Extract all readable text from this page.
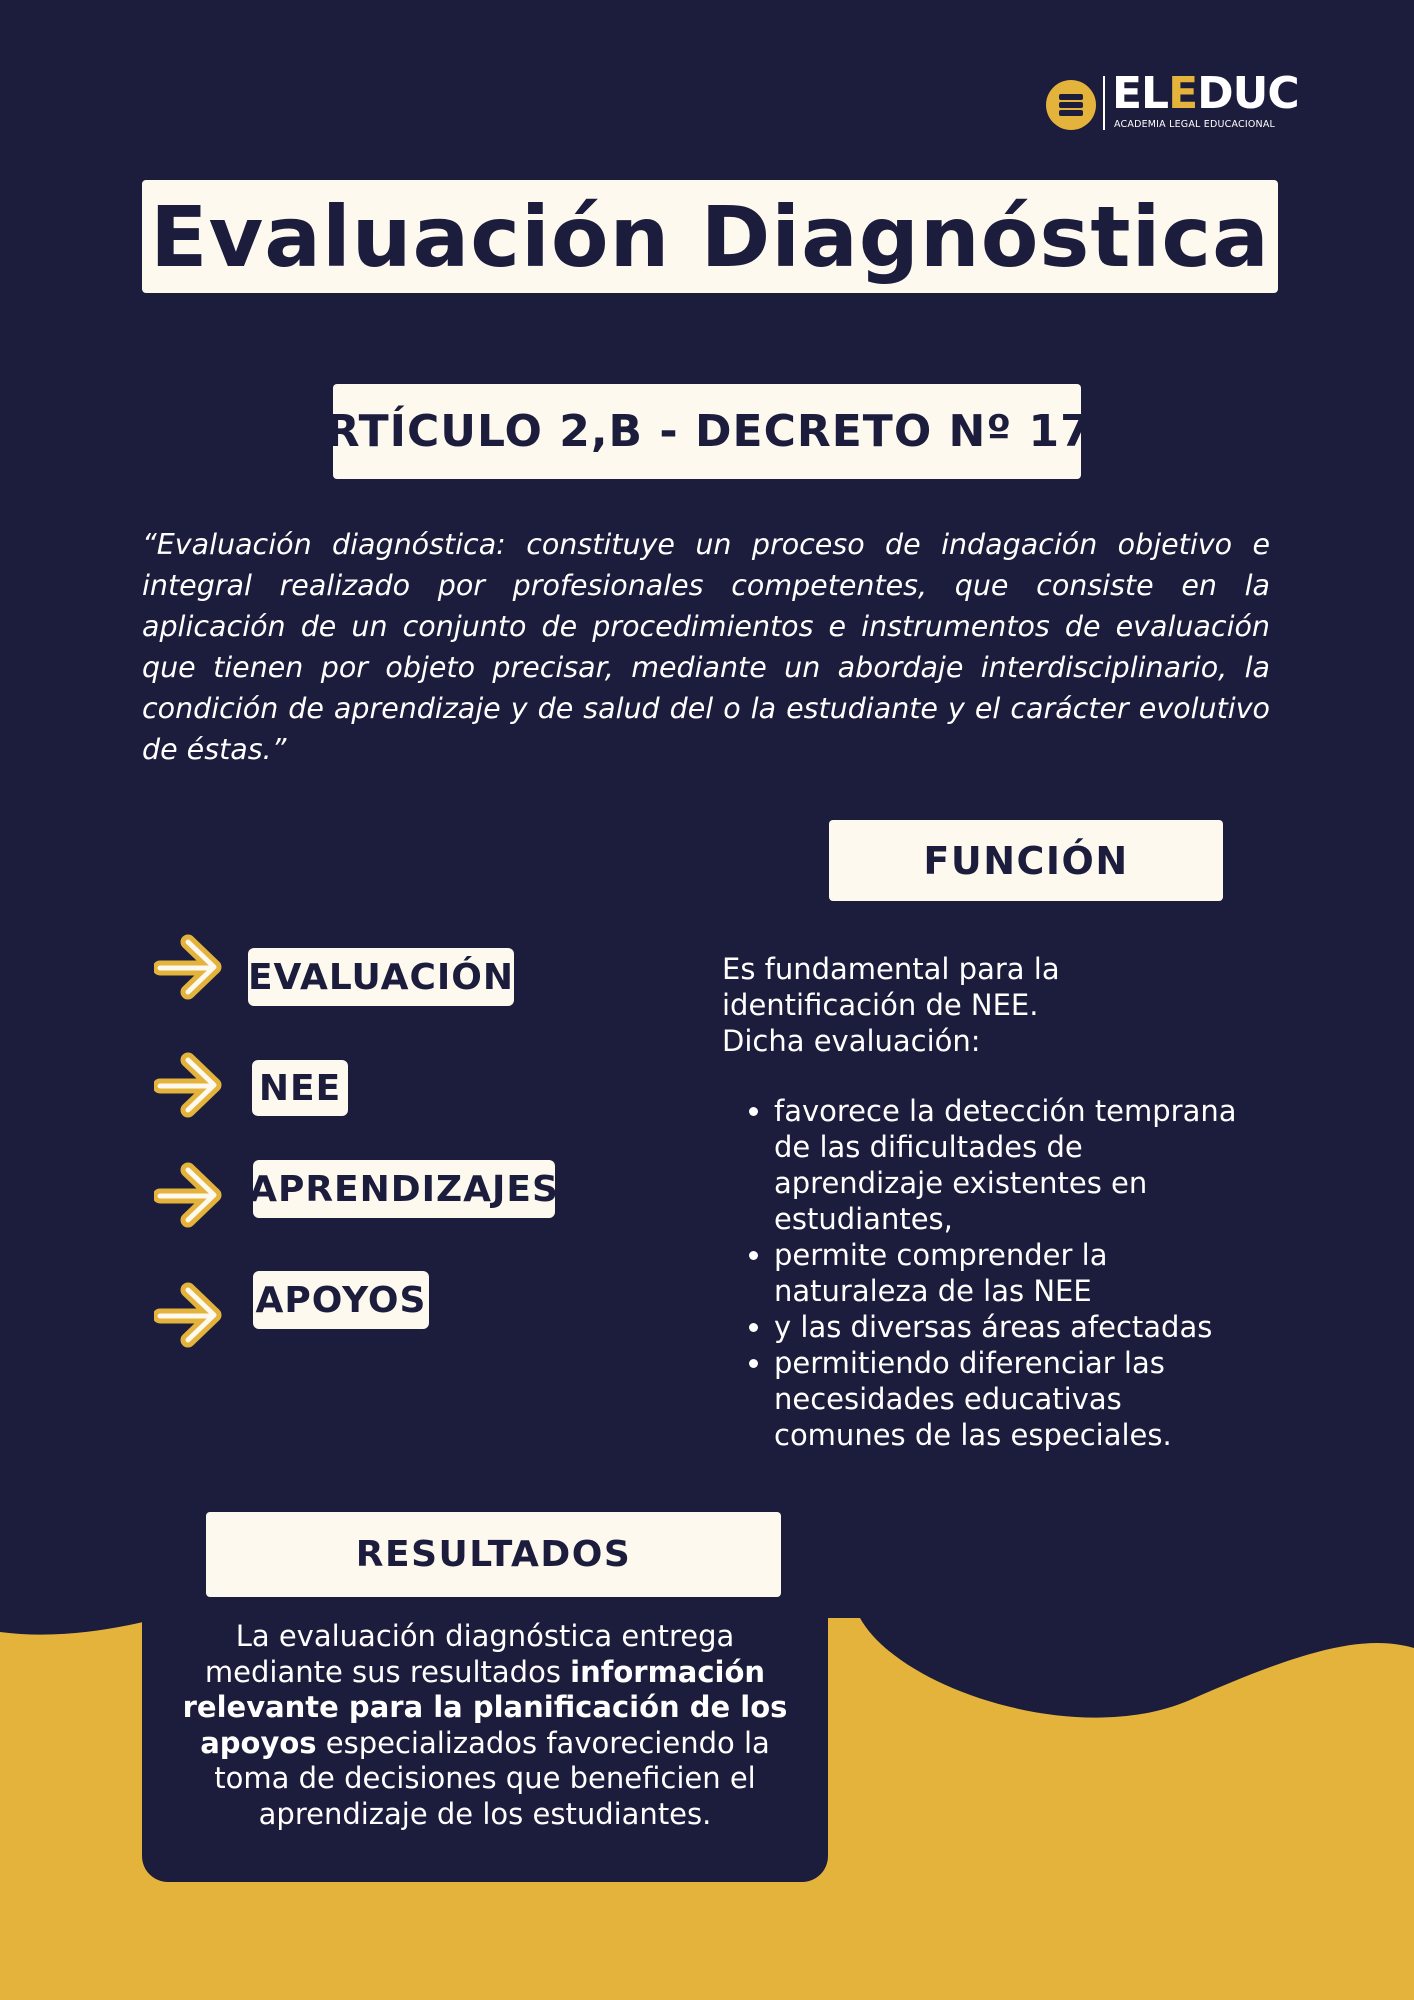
ELEDUC
ACADEMIA LEGAL EDUCACIONAL
Evaluación Diagnóstica
ARTÍCULO 2,B - DECRETO Nº 170
“Evaluación diagnóstica: constituye un proceso de indagación objetivo e integral realizado por profesionales competentes, que consiste en la aplicación de un conjunto de procedimientos e instrumentos de evaluación que tienen por objeto precisar, mediante un abordaje interdisciplinario, la condición de aprendizaje y de salud del o la estudiante y el carácter evolutivo de éstas.”
EVALUACIÓN
NEE
APRENDIZAJES
APOYOS
FUNCIÓN
Es fundamental para la identificación de NEE.
Dicha evaluación:
• favorece la detección temprana de las dificultades de aprendizaje existentes en estudiantes,
• permite comprender la naturaleza de las NEE
• y las diversas áreas afectadas
• permitiendo diferenciar las necesidades educativas comunes de las especiales.
RESULTADOS
La evaluación diagnóstica entrega mediante sus resultados información relevante para la planificación de los apoyos especializados favoreciendo la toma de decisiones que beneficien el aprendizaje de los estudiantes.
